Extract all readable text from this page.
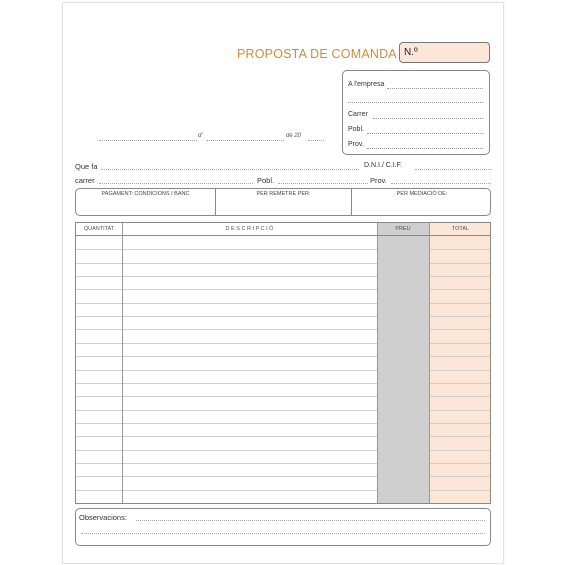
PROPOSTA DE COMANDA N.º
A l'empresa
Carrer
Pobl.
Prov.
d'	de 20
Que fa	D.N.I./ C.I.F.
carrer	Pobl.	Prov.
PAGAMENT: CONDICIONS I BANC	PER REMETRE PER:	PER MEDIACIÓ DE:
QUANTITAT	D E S C R I P C I Ó	PREU	TOTAL
Observacions:
